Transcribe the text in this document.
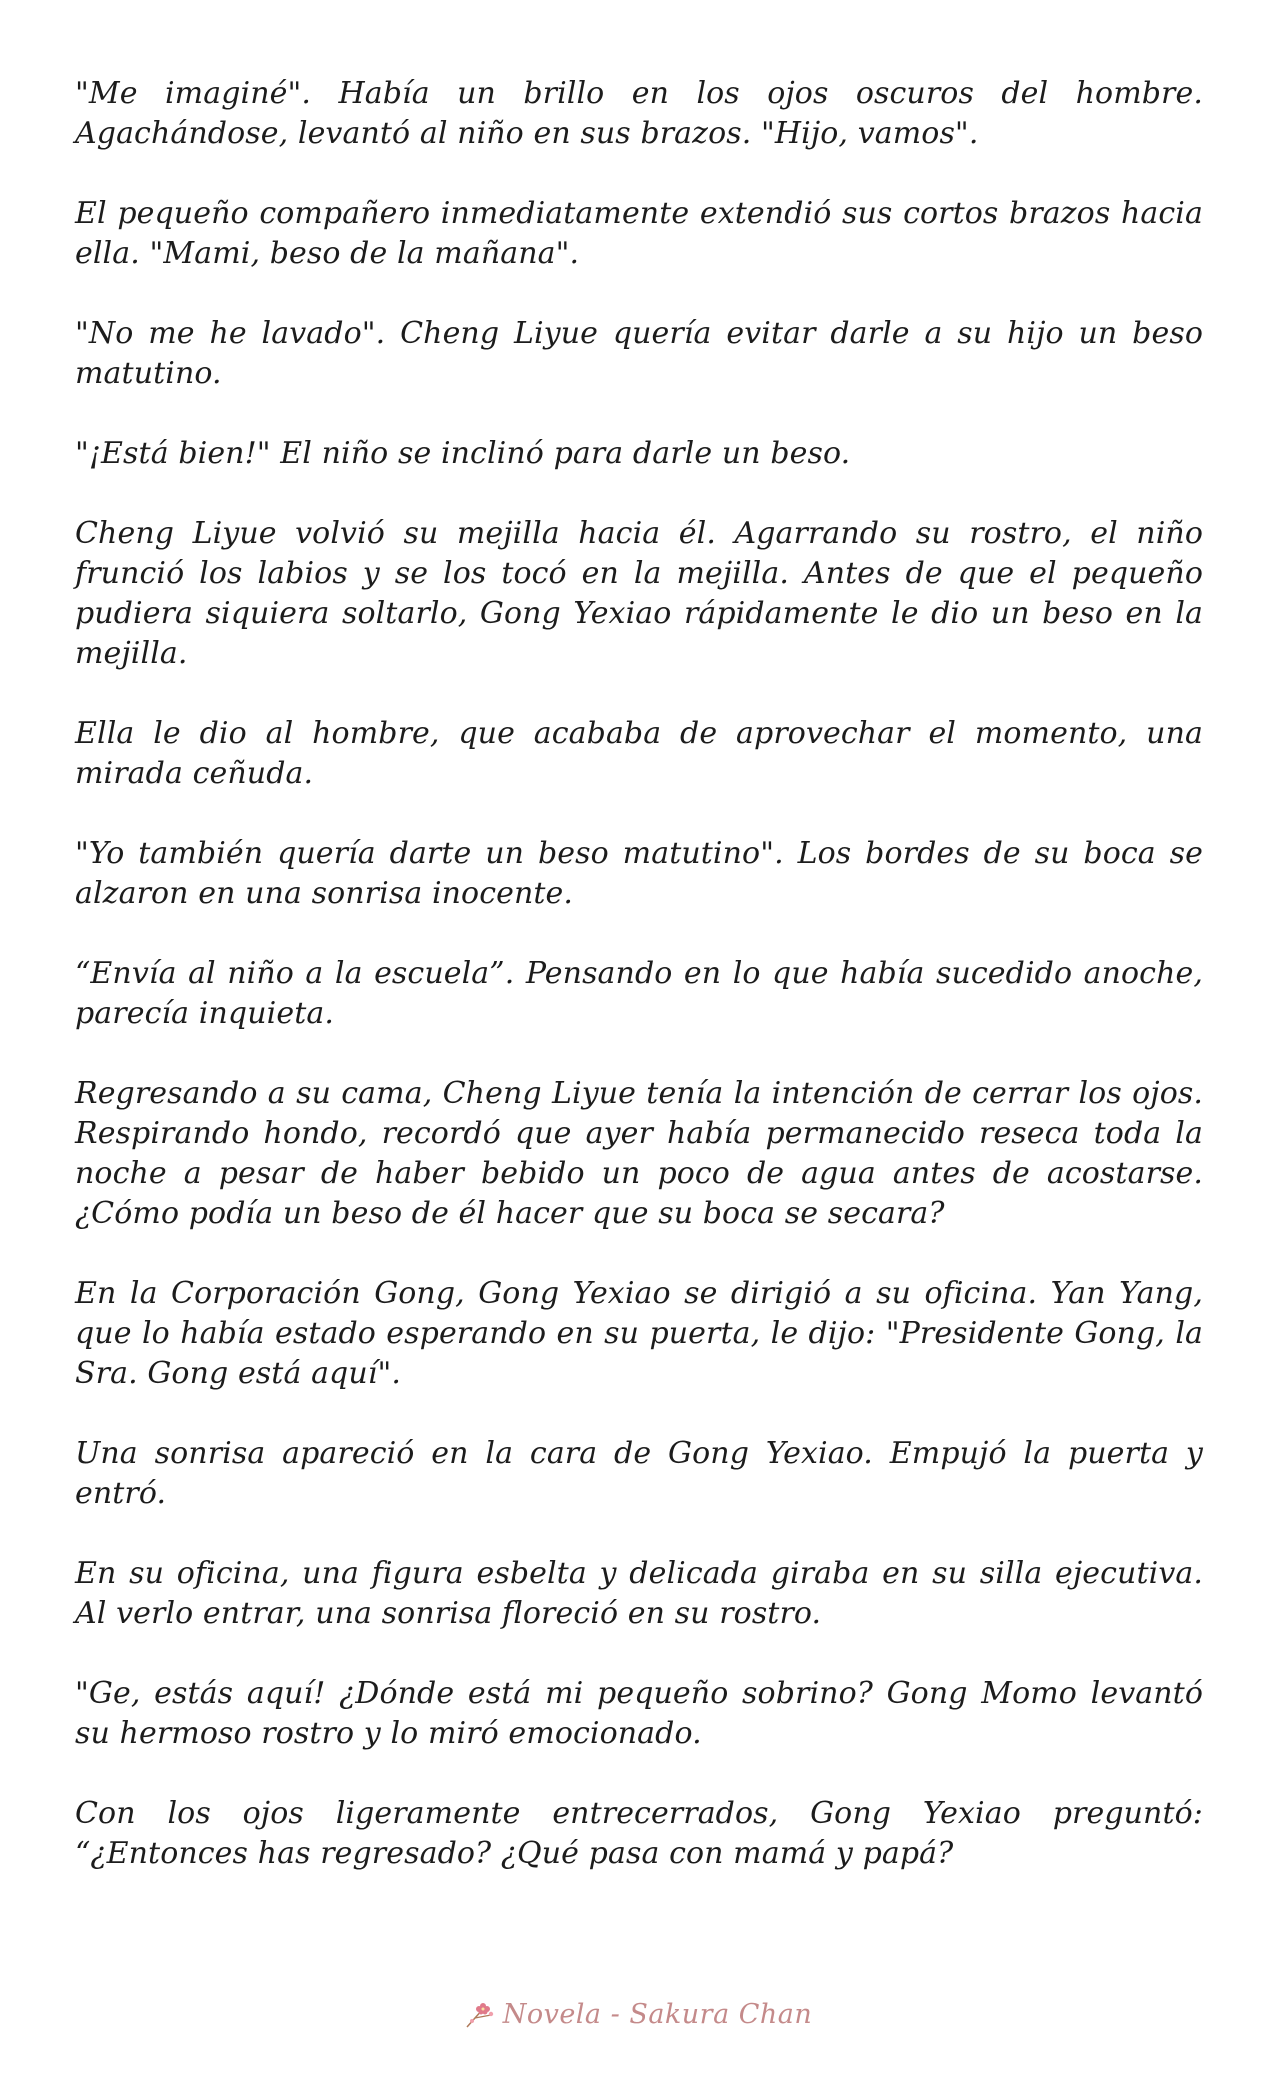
"Me imaginé". Había un brillo en los ojos oscuros del hombre. Agachándose, levantó al niño en sus brazos. "Hijo, vamos".

El pequeño compañero inmediatamente extendió sus cortos brazos hacia ella. "Mami, beso de la mañana".

"No me he lavado". Cheng Liyue quería evitar darle a su hijo un beso matutino.

"¡Está bien!" El niño se inclinó para darle un beso.

Cheng Liyue volvió su mejilla hacia él. Agarrando su rostro, el niño frunció los labios y se los tocó en la mejilla. Antes de que el pequeño pudiera siquiera soltarlo, Gong Yexiao rápidamente le dio un beso en la mejilla.

Ella le dio al hombre, que acababa de aprovechar el momento, una mirada ceñuda.

"Yo también quería darte un beso matutino". Los bordes de su boca se alzaron en una sonrisa inocente.

“Envía al niño a la escuela”. Pensando en lo que había sucedido anoche, parecía inquieta.

Regresando a su cama, Cheng Liyue tenía la intención de cerrar los ojos. Respirando hondo, recordó que ayer había permanecido reseca toda la noche a pesar de haber bebido un poco de agua antes de acostarse. ¿Cómo podía un beso de él hacer que su boca se secara?

En la Corporación Gong, Gong Yexiao se dirigió a su oficina. Yan Yang, que lo había estado esperando en su puerta, le dijo: "Presidente Gong, la Sra. Gong está aquí".

Una sonrisa apareció en la cara de Gong Yexiao. Empujó la puerta y entró.

En su oficina, una figura esbelta y delicada giraba en su silla ejecutiva. Al verlo entrar, una sonrisa floreció en su rostro.

"Ge, estás aquí! ¿Dónde está mi pequeño sobrino? Gong Momo levantó su hermoso rostro y lo miró emocionado.

Con los ojos ligeramente entrecerrados, Gong Yexiao preguntó: “¿Entonces has regresado? ¿Qué pasa con mamá y papá?

Novela - Sakura Chan
